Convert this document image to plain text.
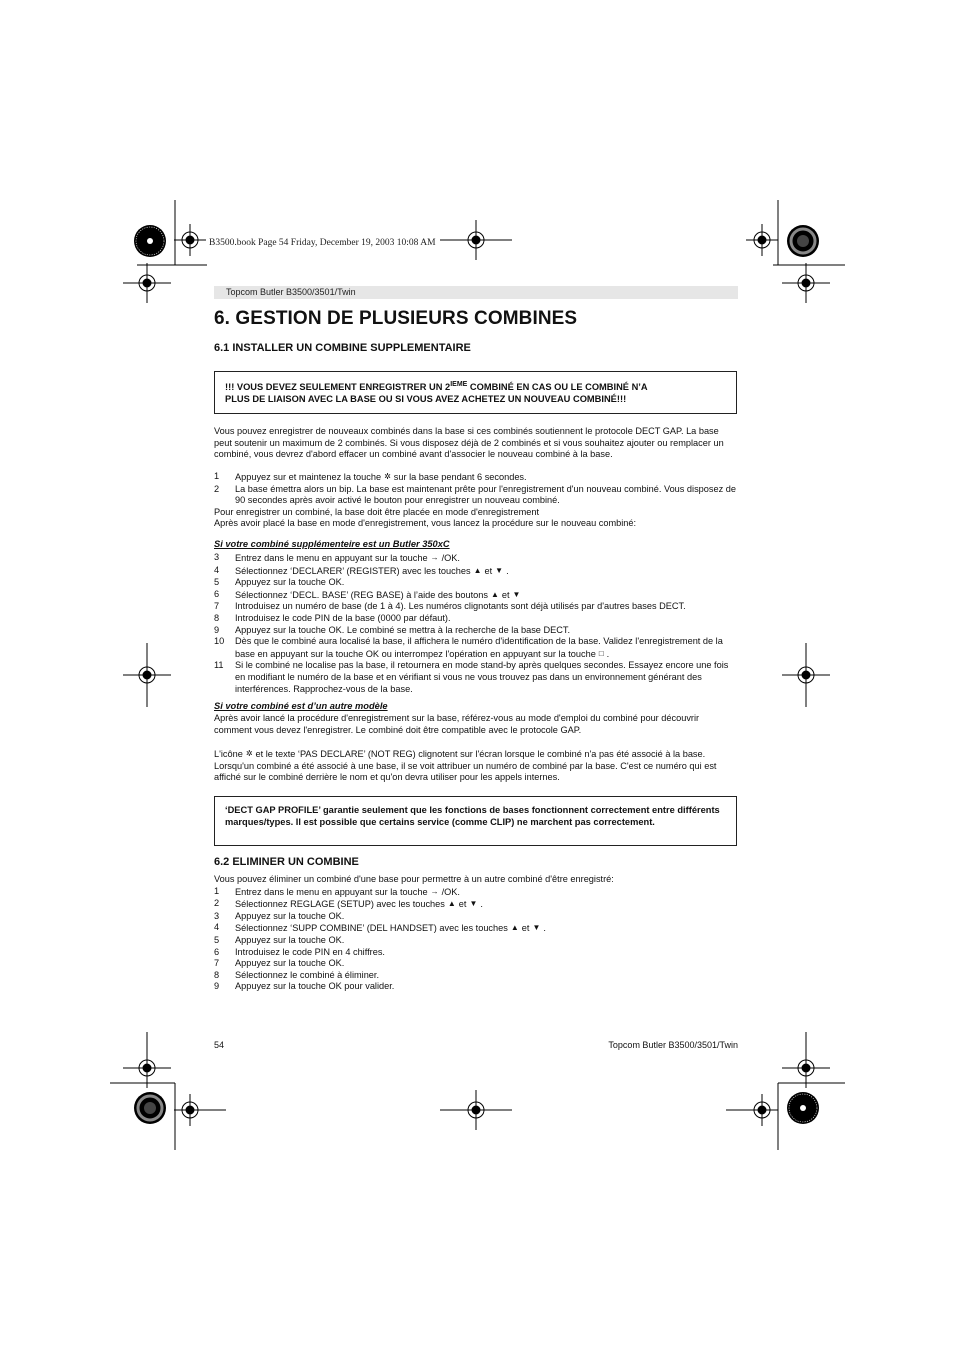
B3500.book Page 54 Friday, December 19, 2003 10:08 AM
Topcom Butler B3500/3501/Twin
6. GESTION DE PLUSIEURS COMBINES
6.1 INSTALLER UN COMBINE SUPPLEMENTAIRE
!!! VOUS DEVEZ SEULEMENT ENREGISTRER UN 2IEME COMBINÉ EN CAS OU LE COMBINÉ N’A
PLUS DE LIAISON AVEC LA BASE OU SI VOUS AVEZ ACHETEZ UN NOUVEAU COMBINÉ!!!

Vous pouvez enregistrer de nouveaux combinés dans la base si ces combinés soutiennent le protocole DECT GAP. La base peut soutenir un maximum de 2 combinés. Si vous disposez déjà de 2 combinés et si vous souhaitez ajouter ou remplacer un combiné, vous devrez d'abord effacer un combiné avant d'associer le nouveau combiné à la base.

1	Appuyez sur et maintenez la touche ✲︎ sur la base pendant 6 secondes.
2	La base émettra alors un bip. La base est maintenant prête pour l'enregistrement d'un nouveau combiné. Vous disposez de 90 secondes après avoir activé le bouton pour enregistrer un nouveau combiné.
Pour enregistrer un combiné, la base doit être placée en mode d'enregistrement
Après avoir placé la base en mode d'enregistrement, vous lancez la procédure sur le nouveau combiné:
Si votre combiné supplémenteire est un Butler 350xC
3	Entrez dans le menu en appuyant sur la touche → /OK.
4	Sélectionnez ‘DECLARER’ (REGISTER) avec les touches ▲ et ▼ .
5	Appuyez sur la touche OK.
6	Sélectionnez ‘DECL. BASE’ (REG BASE) à l’aide des boutons ▲ et ▼
7	Introduisez un numéro de base (de 1 à 4). Les numéros clignotants sont déjà utilisés par d'autres bases DECT.
8	Introduisez le code PIN de la base (0000 par défaut).
9	Appuyez sur la touche OK. Le combiné se mettra à la recherche de la base DECT.
10	Dès que le combiné aura localisé la base, il affichera le numéro d'identification de la base. Validez l'enregistrement de la base en appuyant sur la touche OK ou interrompez l'opération en appuyant sur la touche □ .
11	Si le combiné ne localise pas la base, il retournera en mode stand-by après quelques secondes. Essayez encore une fois en modifiant le numéro de la base et en vérifiant si vous ne vous trouvez pas dans un environnement générant des interférences. Rapprochez-vous de la base.
Si votre combiné est d’un autre modèle

Après avoir lancé la procédure d'enregistrement sur la base, référez-vous au mode d'emploi du combiné pour découvrir comment vous devez l'enregistrer. Le combiné doit être compatible avec le protocole GAP.

L'icône ✲︎ et le texte ‘PAS DECLARE’ (NOT REG) clignotent sur l'écran lorsque le combiné n'a pas été associé à la base. Lorsqu'un combiné a été associé à une base, il se voit attribuer un numéro de combiné par la base. C'est ce numéro qui est affiché sur le combiné derrière le nom et qu'on devra utiliser pour les appels internes.

‘DECT GAP PROFILE’ garantie seulement que les fonctions de bases fonctionnent correctement entre différents marques/types. Il est possible que certains service (comme CLIP) ne marchent pas correctement.
6.2 ELIMINER UN COMBINE
Vous pouvez éliminer un combiné d'une base pour permettre à un autre combiné d'être enregistré:
1	Entrez dans le menu en appuyant sur la touche → /OK.
2	Sélectionnez REGLAGE (SETUP) avec les touches ▲ et ▼ .
3	Appuyez sur la touche OK.
4	Sélectionnez ‘SUPP COMBINE’ (DEL HANDSET) avec les touches ▲ et ▼ .
5	Appuyez sur la touche OK.
6	Introduisez le code PIN en 4 chiffres.
7	Appuyez sur la touche OK.
8	Sélectionnez le combiné à éliminer.
9	Appuyez sur la touche OK pour valider.
54	Topcom Butler B3500/3501/Twin
